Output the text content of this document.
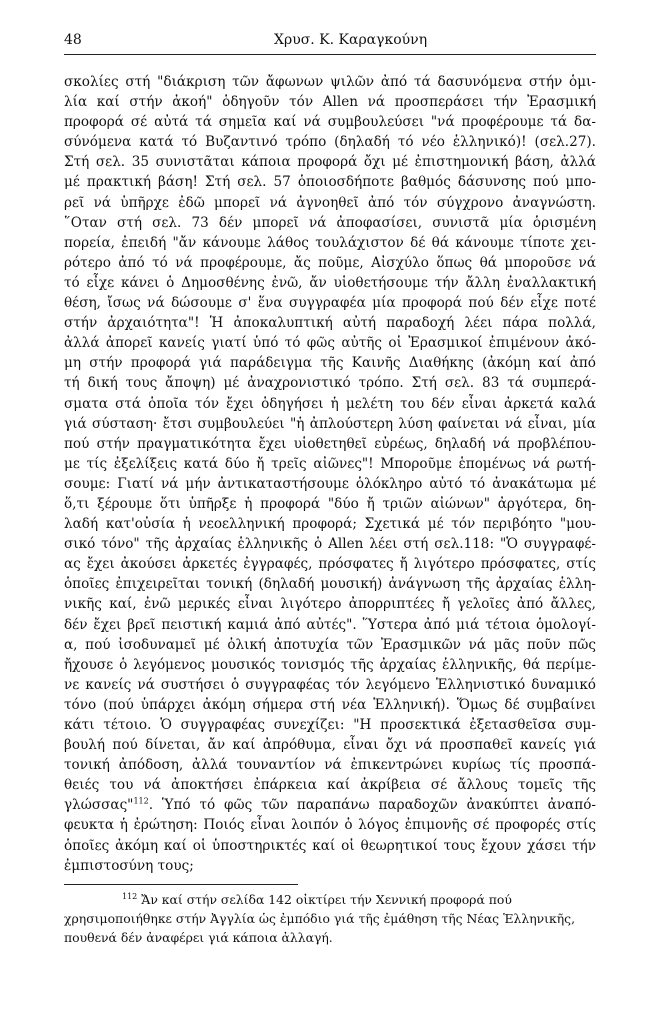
48	Χρυσ. Κ. Καραγκούνη
σκολίες στή "διάκριση τῶν ἄφωνων ψιλῶν ἀπό τά δασυνόμενα στήν ὁμι-
λία καί στήν ἀκοή" ὁδηγοῦν τόν Allen νά προσπεράσει τήν Ἐρασμική
προφορά σέ αὐτά τά σημεῖα καί νά συμβουλεύσει "νά προφέρουμε τά δα-
σύνόμενα κατά τό Βυζαντινό τρόπο (δηλαδή τό νέο ἑλληνικό)! (σελ.27).
Στή σελ. 35 συνιστᾶται κάποια προφορά ὄχι μέ ἐπιστημονική βάση, ἀλλά
μέ πρακτική βάση! Στή σελ. 57 ὁποιοσδήποτε βαθμός δάσυνσης πού μπο-
ρεῖ νά ὑπῆρχε ἐδῶ μπορεῖ νά ἀγνοηθεῖ ἀπό τόν σύγχρονο ἀναγνώστη.
῞Οταν στή σελ. 73 δέν μπορεῖ νά ἀποφασίσει, συνιστᾶ μία ὁρισμένη
πορεία, ἐπειδή "ἄν κάνουμε λάθος τουλάχιστον δέ θά κάνουμε τίποτε χει-
ρότερο ἀπό τό νά προφέρουμε, ἄς ποῦμε, Αἰσχύλο ὅπως θά μποροῦσε νά
τό εἶχε κάνει ὁ Δημοσθένης ἐνῶ, ἄν υἱοθετήσουμε τήν ἄλλη ἐναλλακτική
θέση, ἴσως νά δώσουμε σ' ἕνα συγγραφέα μία προφορά πού δέν εἶχε ποτέ
στήν ἀρχαιότητα"! Ἡ ἀποκαλυπτική αὐτή παραδοχή λέει πάρα πολλά,
ἀλλά ἀπορεῖ κανείς γιατί ὑπό τό φῶς αὐτῆς οἱ Ἐρασμικοί ἐπιμένουν ἀκό-
μη στήν προφορά γιά παράδειγμα τῆς Καινῆς Διαθήκης (ἀκόμη καί ἀπό
τή δική τους ἄποψη) μέ ἀναχρονιστικό τρόπο. Στή σελ. 83 τά συμπερά-
σματα στά ὁποῖα τόν ἔχει ὁδηγήσει ἡ μελέτη του δέν εἶναι ἀρκετά καλά
γιά σύσταση· ἔτσι συμβουλεύει "ἡ ἀπλούστερη λύση φαίνεται νά εἶναι, μία
πού στήν πραγματικότητα ἔχει υἱοθετηθεῖ εὐρέως, δηλαδή νά προβλέπου-
με τίς ἐξελίξεις κατά δύο ἤ τρεῖς αἰῶνες"! Μποροῦμε ἑπομένως νά ρωτή-
σουμε: Γιατί νά μήν ἀντικαταστήσουμε ὁλόκληρο αὐτό τό ἀνακάτωμα μέ
ὅ,τι ξέρουμε ὅτι ὑπῆρξε ἡ προφορά "δύο ἤ τριῶν αἰώνων" ἀργότερα, δη-
λαδή κατ'οὐσία ἡ νεοελληνική προφορά; Σχετικά μέ τόν περιβόητο "μου-
σικό τόνο" τῆς ἀρχαίας ἑλληνικῆς ὁ Allen λέει στή σελ.118: "Ὁ συγγραφέ-
ας ἔχει ἀκούσει ἀρκετές ἐγγραφές, πρόσφατες ἤ λιγότερο πρόσφατες, στίς
ὁποῖες ἐπιχειρεῖται τονική (δηλαδή μουσική) ἀνάγνωση τῆς ἀρχαίας ἑλλη-
νικῆς καί, ἐνῶ μερικές εἶναι λιγότερο ἀπορριπτέες ἤ γελοῖες ἀπό ἄλλες,
δέν ἔχει βρεῖ πειστική καμιά ἀπό αὐτές". Ὕστερα ἀπό μιά τέτοια ὁμολογί-
α, πού ἰσοδυναμεῖ μέ ὁλική ἀποτυχία τῶν Ἐρασμικῶν νά μᾶς ποῦν πῶς
ἤχουσε ὁ λεγόμενος μουσικός τονισμός τῆς ἀρχαίας ἑλληνικῆς, θά περίμε-
νε κανείς νά συστήσει ὁ συγγραφέας τόν λεγόμενο Ἑλληνιστικό δυναμικό
τόνο (πού ὑπάρχει ἀκόμη σήμερα στή νέα Ἑλληνική). Ὅμως δέ συμβαίνει
κάτι τέτοιο. Ὁ συγγραφέας συνεχίζει: "Η προσεκτικά ἐξετασθεῖσα συμ-
βουλή πού δίνεται, ἄν καί ἀπρόθυμα, εἶναι ὄχι νά προσπαθεῖ κανείς γιά
τονική ἀπόδοση, ἀλλά τουναντίον νά ἐπικεντρώνει κυρίως τίς προσπά-
θειές του νά ἀποκτήσει ἐπάρκεια καί ἀκρίβεια σέ ἄλλους τομεῖς τῆς
γλώσσας"$^{112}$. Ὑπό τό φῶς τῶν παραπάνω παραδοχῶν ἀνακύπτει ἀναπό-
φευκτα ἡ ἐρώτηση: Ποιός εἶναι λοιπόν ὁ λόγος ἐπιμονῆς σέ προφορές στίς
ὁποῖες ἀκόμη καί οἱ ὑποστηρικτές καί οἱ θεωρητικοί τους ἔχουν χάσει τήν
ἐμπιστοσύνη τους;
$^{112}$ Ἄν καί στήν σελίδα 142 οἰκτίρει τήν Χεννική προφορά πού
χρησιμοποιήθηκε στήν Ἀγγλία ὡς ἐμπόδιο γιά τῆς ἐμάθηση τῆς Νέας Ἑλληνικῆς,
πουθενά δέν ἀναφέρει γιά κάποια ἀλλαγή.
